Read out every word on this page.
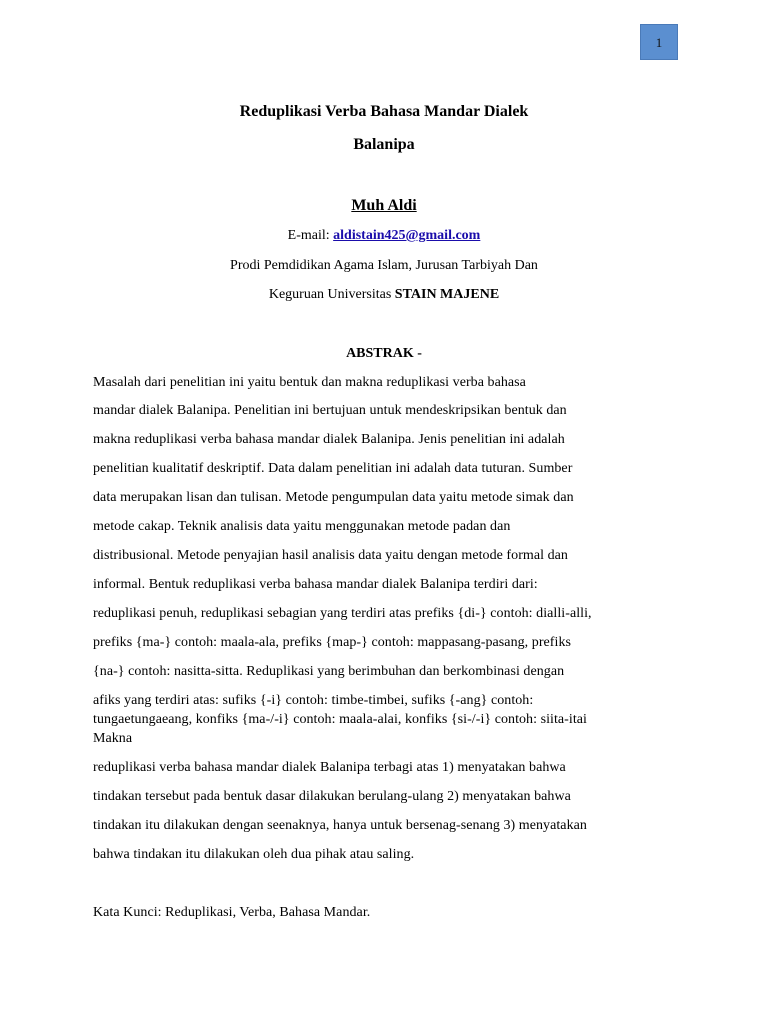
1
Reduplikasi Verba Bahasa Mandar Dialek
Balanipa
Muh Aldi
E-mail: aldistain425@gmail.com
Prodi Pemdidikan Agama Islam, Jurusan Tarbiyah Dan
Keguruan Universitas STAIN MAJENE
ABSTRAK -
Masalah dari penelitian ini yaitu bentuk dan makna reduplikasi verba bahasa
mandar dialek Balanipa. Penelitian ini bertujuan untuk mendeskripsikan bentuk dan
makna reduplikasi verba bahasa mandar dialek Balanipa. Jenis penelitian ini adalah
penelitian kualitatif deskriptif. Data dalam penelitian ini adalah data tuturan. Sumber
data merupakan lisan dan tulisan. Metode pengumpulan data yaitu metode simak dan
metode cakap. Teknik analisis data yaitu menggunakan metode padan dan
distribusional. Metode penyajian hasil analisis data yaitu dengan metode formal dan
informal. Bentuk reduplikasi verba bahasa mandar dialek Balanipa terdiri dari:
reduplikasi penuh, reduplikasi sebagian yang terdiri atas prefiks {di-} contoh: dialli-alli,
prefiks {ma-} contoh: maala-ala, prefiks {map-} contoh: mappasang-pasang, prefiks
{na-} contoh: nasitta-sitta. Reduplikasi yang berimbuhan dan berkombinasi dengan
afiks yang terdiri atas: sufiks {-i} contoh: timbe-timbei, sufiks {-ang} contoh:
tungaetungaeang, konfiks {ma-/-i} contoh: maala-alai, konfiks {si-/-i} contoh: siita-itai
Makna
reduplikasi verba bahasa mandar dialek Balanipa terbagi atas 1) menyatakan bahwa
tindakan tersebut pada bentuk dasar dilakukan berulang-ulang 2) menyatakan bahwa
tindakan itu dilakukan dengan seenaknya, hanya untuk bersenag-senang 3) menyatakan
bahwa tindakan itu dilakukan oleh dua pihak atau saling.
Kata Kunci: Reduplikasi, Verba, Bahasa Mandar.
